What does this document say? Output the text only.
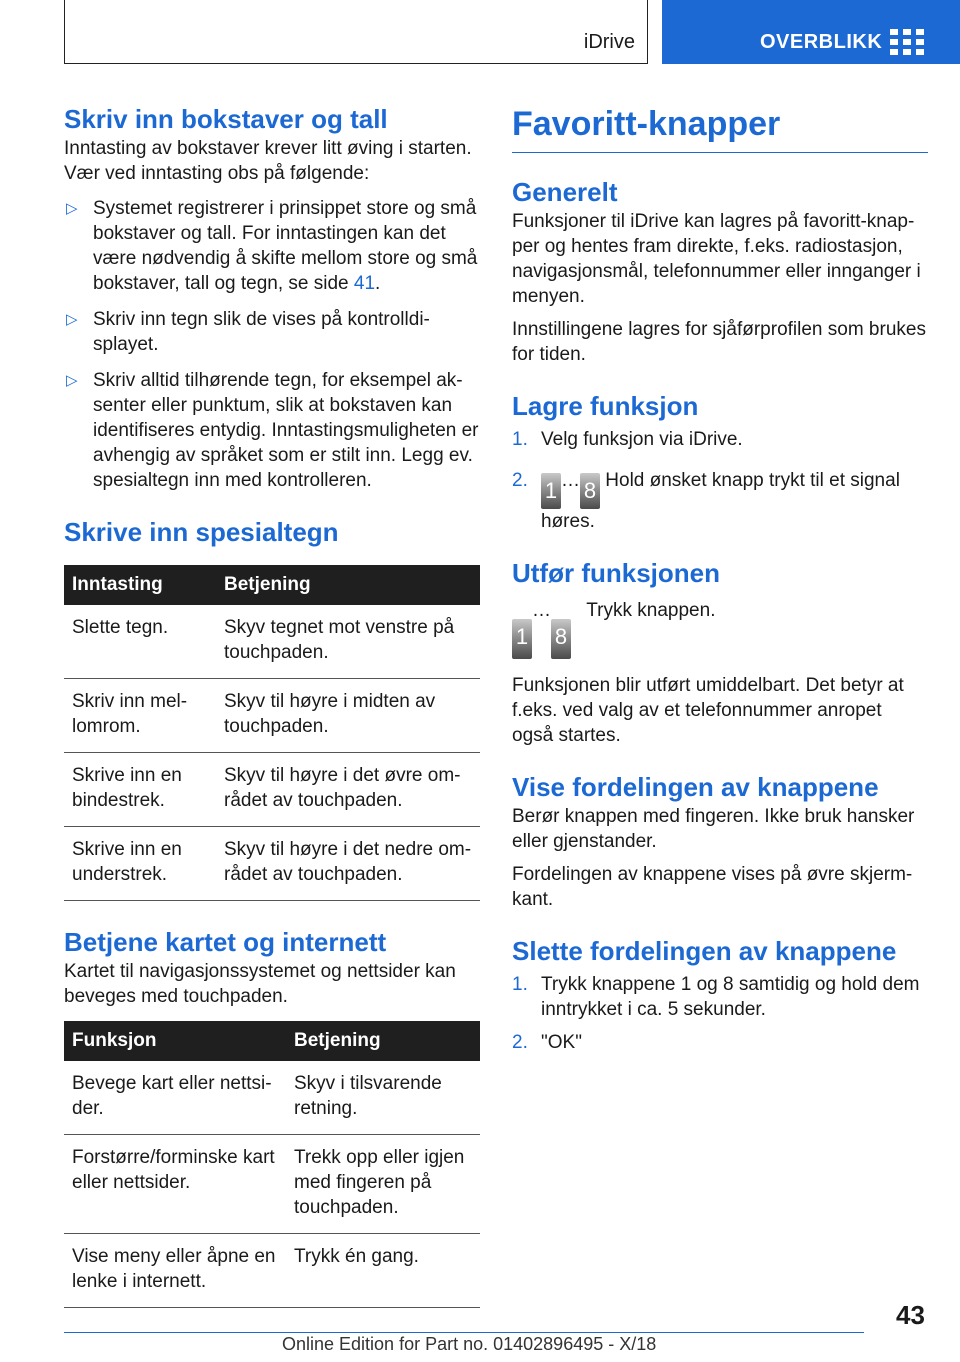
iDrive	OVERBLIKK
Skriv inn bokstaver og tall

Inntasting av bokstaver krever litt øving i starten. Vær ved inntasting obs på følgende:

▷ Systemet registrerer i prinsippet store og små bokstaver og tall. For inntastingen kan det være nødvendig å skifte mellom store og små bokstaver, tall og tegn, se side 41.
▷ Skriv inn tegn slik de vises på kontrolldi-splayet.
▷ Skriv alltid tilhørende tegn, for eksempel ak-senter eller punktum, slik at bokstaven kan identifiseres entydig. Inntastingsmuligheten er avhengig av språket som er stilt inn. Legg ev. spesialtegn inn med kontrolleren.
Skrive inn spesialtegn
Inntasting	Betjening
Slette tegn.	Skyv tegnet mot venstre på touchpaden.
Skriv inn mel-lomrom.	Skyv til høyre i midten av touchpaden.
Skrive inn en bindestrek.	Skyv til høyre i det øvre om-rådet av touchpaden.
Skrive inn en understrek.	Skyv til høyre i det nedre om-rådet av touchpaden.
Betjene kartet og internett

Kartet til navigasjonssystemet og nettsider kan beveges med touchpaden.

Funksjon	Betjening
Bevege kart eller nettsi-der.	Skyv i tilsvarende retning.
Forstørre/forminske kart eller nettsider.	Trekk opp eller igjen med fingeren på touchpaden.
Vise meny eller åpne en lenke i internett.	Trykk én gang.
Favoritt-knapper
Generelt

Funksjoner til iDrive kan lagres på favoritt-knap-per og hentes fram direkte, f.eks. radiostasjon, navigasjonsmål, telefonnummer eller innganger i menyen.

Innstillingene lagres for sjåførprofilen som brukes for tiden.

Lagre funksjon
1. Velg funksjon via iDrive.
2. 1 … 8 Hold ønsket knapp trykt til et signal høres.
Utfør funksjonen
1…8 Trykk knappen.

Funksjonen blir utført umiddelbart. Det betyr at f.eks. ved valg av et telefonnummer anropet også startes.

Vise fordelingen av knappene

Berør knappen med fingeren. Ikke bruk hansker eller gjenstander.

Fordelingen av knappene vises på øvre skjerm-kant.

Slette fordelingen av knappene
1. Trykk knappene 1 og 8 samtidig og hold dem inntrykket i ca. 5 sekunder.
2. "OK"
43
Online Edition for Part no. 01402896495 - X/18
